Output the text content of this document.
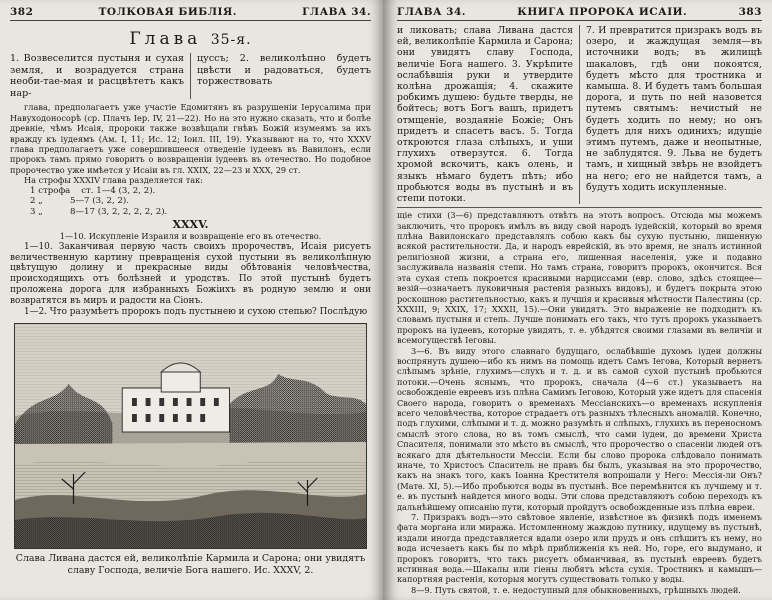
382	ТОЛКОВАЯ БИБЛІЯ.	ГЛАВА 34.
Глава 35-я.
1. Возвеселится пустыня и сухая земля, и возрадуется страна необи-тае-мая и расцвѣтетъ какъ нар-
цуссъ; 2. великолѣпно будетъ цвѣсти и радоваться, будетъ торжествовать

глава, предполагаетъ уже участіе Едомитянъ въ разрушеніи Іерусалима при Навуходоносорѣ (ср. Плачъ Іер. IV, 21—22). Но на это нужно сказать, что и болѣе древніе, чѣмъ Исаія, пророки также возвѣщали гнѣвъ Божій изумеямъ за ихъ вражду къ іудеямъ (Ам. I, 11; Ис. 12; Іоил. III, 19). Указывают на то, что XXXV глава предполагаетъ уже совершившееся отведеніе іудеевъ въ Вавилонъ, если пророкъ тамъ прямо говоритъ о возвращеніи іудеевъ въ отечество. Но подобное пророчество уже имѣется у Исаіи въ гл. XXIX, 22—23 и XXX, 29 ст.

На строфы XXXIV глава разделяется так:

1 строфа ст. 1—4 (3, 2, 2).
2 „	5—7 (3, 2, 2).
3 „	8—17 (3, 2, 2, 2, 2, 2).

XXXV.

1—10. Искупленіе Израиля и возвращеніе его въ отечество.

1—10. Заканчивая первую часть своихъ пророчествъ, Исаія рисуетъ величественную картину превращенія сухой пустыни въ великолѣпную цвѣтущую долину и прекрасные виды обѣтованія человѣчества, происходящихъ отъ болѣзней и уродствъ. По этой пустынѣ будетъ проложена дорога для избранныхъ Божіихъ въ родную землю и они возвратятся въ миръ и радости на Сіонъ.

1—2. Что разумѣетъ пророкъ подъ пустынею и сухою степью? Послѣдую

Слава Ливана дастся ей, великолѣпіе Кармила и Сарона; они увидятъ славу Господа, величіе Бога нашего. Ис. XXXV, 2.

ГЛАВА 34.	КНИГА ПРОРОКА ИСАІИ.	383
и ликовать; слава Ливана дастся ей, великолѣпіе Кармила и Сарона; они увидятъ славу Господа, величіе Бога нашего. 3. Укрѣпите ослабѣвшія руки и утвердите колѣна дрожащія; 4. скажите робкимъ душею: будьте тверды, не бойтесь; вотъ Богъ вашъ, придетъ отмщеніе, воздаяніе Божіе; Онъ придетъ и спасетъ васъ. 5. Тогда откроются глаза слѣпыхъ, и уши глухихъ отверзутся. 6. Тогда хромой вскочитъ, какъ олень, и языкъ нѣмаго будетъ пѣть; ибо пробьются воды въ пустынѣ и въ степи потоки.
7. И превратится призракъ водъ въ озеро, и жаждущая земля—въ источники водъ; въ жилищѣ шакаловъ, гдѣ они покоятся, будетъ мѣсто для тростника и камыша. 8. И будетъ тамъ большая дорога, и путь по ней назовется путемъ святымъ: нечистый не будетъ ходить по нему; но онъ будетъ для нихъ одинихъ; идущіе этимъ путемъ, даже и неопытные, не заблудятся. 9. Льва не будетъ тамъ, и хищный звѣрь не взойдетъ на него; его не найдется тамъ, а будутъ ходить искупленные.

щіе стихи (3—6) представляютъ отвѣтъ на этотъ вопросъ. Отсюда мы можемъ заключить, что пророкъ имѣлъ въ виду свой народъ іудейскій, который во время плѣна Вавилонскаго представлялъ собою какъ бы сухую пустыню, лишенную всякой растительности. Да, и народъ еврейскій, въ это время, не зналъ истинной религіозной жизни, а страна его, лишенная населенія, уже и подавно заслуживала названія степи. Но тамъ страна, говоритъ пророкъ, окончится. Вся эта сухая степь покроется красивыми нарциссами (евр. слово, здѣсь стоящее—везій—означаетъ луковичныя растенія разныхъ видовъ), и будетъ покрыта этою роскошною растительностью, какъ и лучшія и красивыя мѣстности Палестины (ср. XXXIII, 9; XXIX, 17; XXXII, 15).—Они увидятъ. Это выраженіе не подходитъ къ словамъ пустыня и степь. Лучше понимать его такъ, что тутъ пророкъ указываетъ пророкъ на іудеевъ, которые увидятъ, т. е. убѣдятся своими глазами въ величіи и всемогуществѣ Іеговы.

3—6. Въ виду этого славнаго будущаго, ослабѣвшіе духомъ іудеи должны воспрянуть душею—ибо къ нимъ на помощь идетъ Самъ Іегова, Который вернетъ слѣпымъ зрѣніе, глухимъ—слухъ и т. д. и въ самой сухой пустынѣ пробьются потоки.—Очень яснымъ, что пророкъ, сначала (4—6 ст.) указываетъ на освобожденіе евреевъ изъ плѣна Самимъ Іеговою, Который уже идетъ для спасенія Своего народа, говоритъ о временахъ Мессіанскихъ—о временахъ искупленія всего человѣчества, которое страдаетъ отъ разныхъ тѣлесныхъ аномалій. Конечно, подъ глухими, слѣпыми и т. д. можно разумѣть и слѣпыхъ, глухихъ въ переносномъ смыслѣ этого слова, но въ томъ смыслѣ, что сами іудеи, до времени Христа Спасителя, понимали это мѣсто въ смыслѣ, что пророчество о спасеніи людей отъ всякаго для дѣятельности Мессіи. Если бы слово пророка слѣдовало понимать иначе, то Христосъ Спаситель не правъ бы былъ, указывая на это пророчество, какъ на знакъ того, какъ Іоанна Крестителя вопрошали у Него: Мессія-ли Онъ? (Матѳ. XI, 5).—Ибо пробьются воды въ пустынѣ. Все перемѣнится къ лучшему и т. е. въ пустынѣ найдется много воды. Эти слова представляютъ собою переходъ къ дальнѣйшему описанію пути, который пройдутъ освобожденные изъ плѣна евреи.

7. Призракъ водъ—это свѣтовое явленіе, извѣстное въ физикѣ подъ именемъ фата моргана или миража. Истомленному жаждою путнику, идущему въ пустынѣ, издали иногда представляется вдали озеро или прудъ и онъ спѣшитъ къ нему, но вода исчезаетъ какъ бы по мѣрѣ приближенія къ ней. Но, горе, его выдумано, и пророкъ говоритъ, что такъ рисуетъ обманчивая, въ пустынѣ евреевъ будетъ истинная вода.—Шакалы или гіены любятъ мѣста сухія. Тростникъ и камышъ—капортняя растенія, которыя могутъ существовать только у воды.

8—9. Путь святой, т. е. недоступный для обыкновенныхъ, грѣшныхъ людей.
